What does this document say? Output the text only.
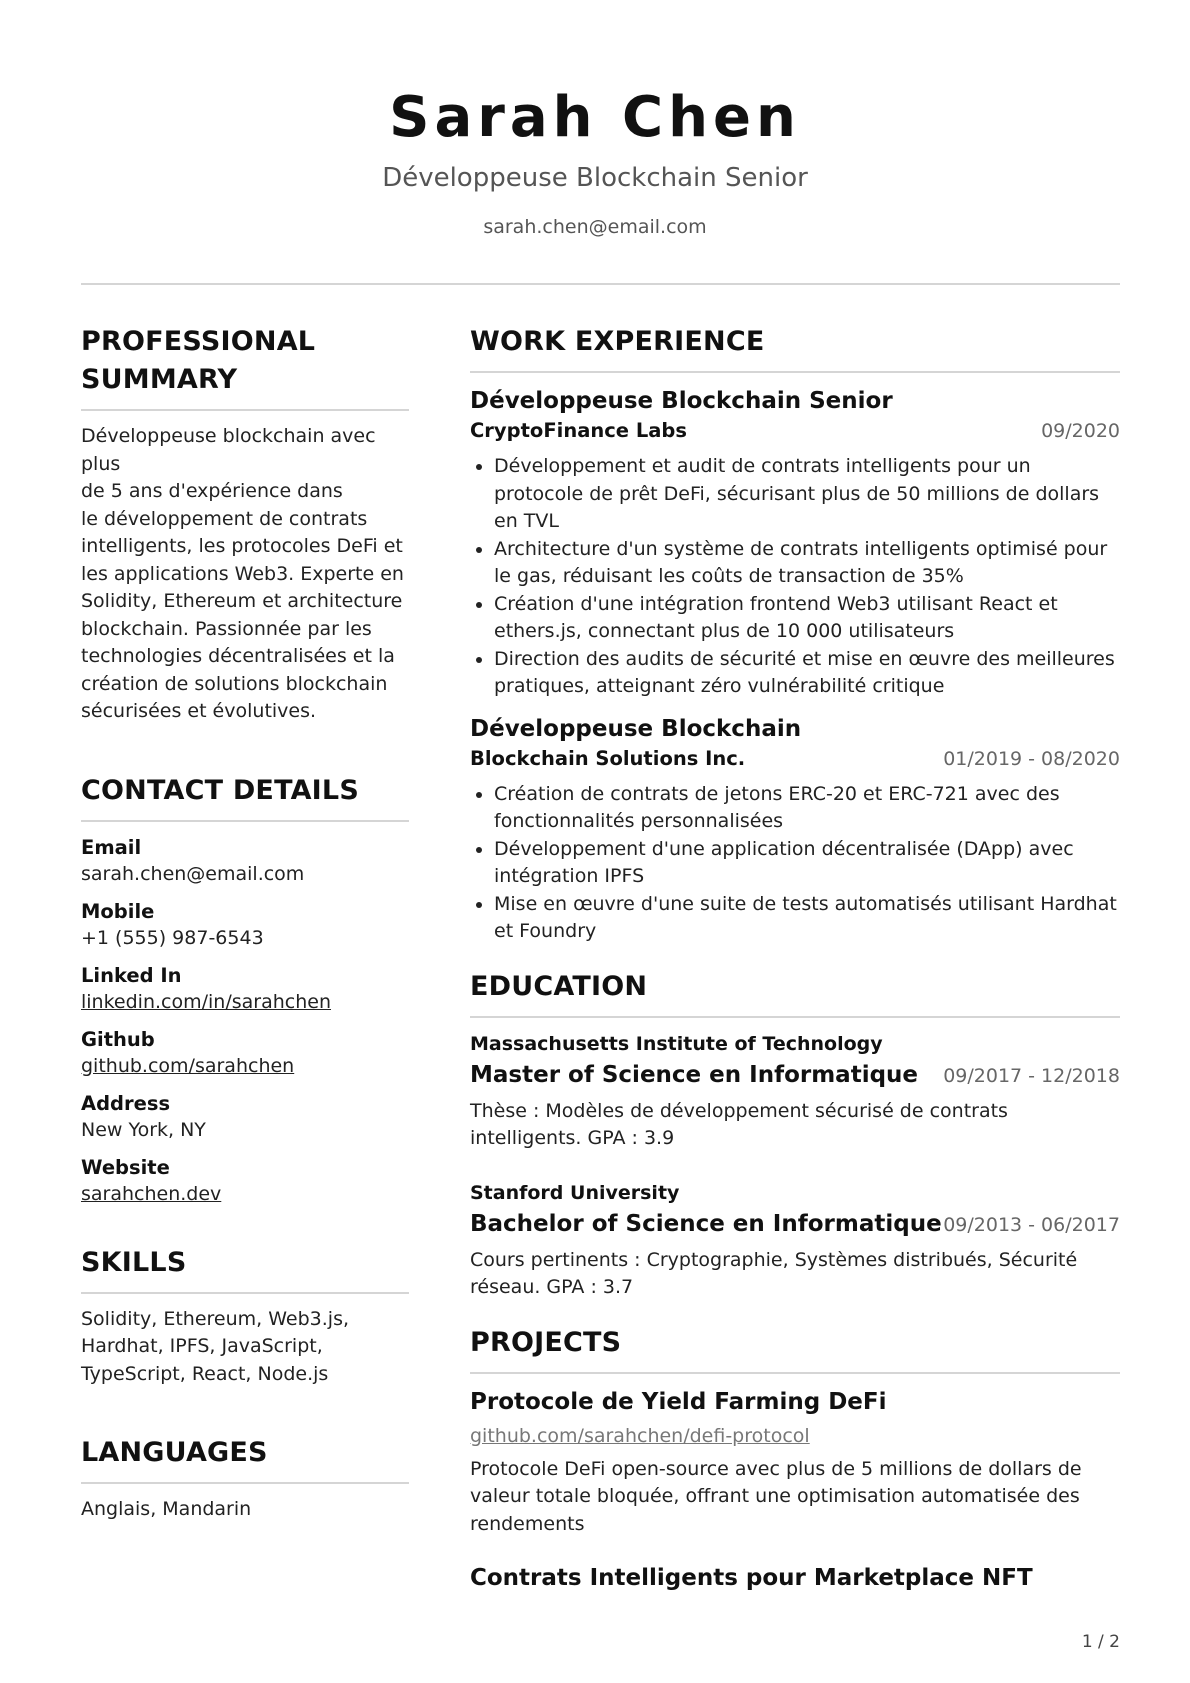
Sarah Chen
Développeuse Blockchain Senior
sarah.chen@email.com
PROFESSIONAL
SUMMARY
Développeuse blockchain avec plus
de 5 ans d'expérience dans
le développement de contrats
intelligents, les protocoles DeFi et
les applications Web3. Experte en
Solidity, Ethereum et architecture
blockchain. Passionnée par les
technologies décentralisées et la
création de solutions blockchain
sécurisées et évolutives.
CONTACT DETAILS
Email
sarah.chen@email.com
Mobile
+1 (555) 987-6543
Linked In
linkedin.com/in/sarahchen
Github
github.com/sarahchen
Address
New York, NY
Website
sarahchen.dev
SKILLS
Solidity, Ethereum, Web3.js,
Hardhat, IPFS, JavaScript,
TypeScript, React, Node.js
LANGUAGES
Anglais, Mandarin
WORK EXPERIENCE
Développeuse Blockchain Senior
CryptoFinance Labs	09/2020
• Développement et audit de contrats intelligents pour un protocole de prêt DeFi, sécurisant plus de 50 millions de dollars en TVL
• Architecture d'un système de contrats intelligents optimisé pour le gas, réduisant les coûts de transaction de 35%
• Création d'une intégration frontend Web3 utilisant React et ethers.js, connectant plus de 10 000 utilisateurs
• Direction des audits de sécurité et mise en œuvre des meilleures pratiques, atteignant zéro vulnérabilité critique
Développeuse Blockchain
Blockchain Solutions Inc.	01/2019 - 08/2020
• Création de contrats de jetons ERC-20 et ERC-721 avec des fonctionnalités personnalisées
• Développement d'une application décentralisée (DApp) avec intégration IPFS
• Mise en œuvre d'une suite de tests automatisés utilisant Hardhat et Foundry
EDUCATION
Massachusetts Institute of Technology
Master of Science en Informatique 09/2017 - 12/2018
Thèse : Modèles de développement sécurisé de contrats intelligents. GPA : 3.9
Stanford University
Bachelor of Science en Informatique 09/2013 - 06/2017
Cours pertinents : Cryptographie, Systèmes distribués, Sécurité réseau. GPA : 3.7
PROJECTS
Protocole de Yield Farming DeFi
github.com/sarahchen/defi-protocol
Protocole DeFi open-source avec plus de 5 millions de dollars de valeur totale bloquée, offrant une optimisation automatisée des rendements
Contrats Intelligents pour Marketplace NFT
1 / 2
